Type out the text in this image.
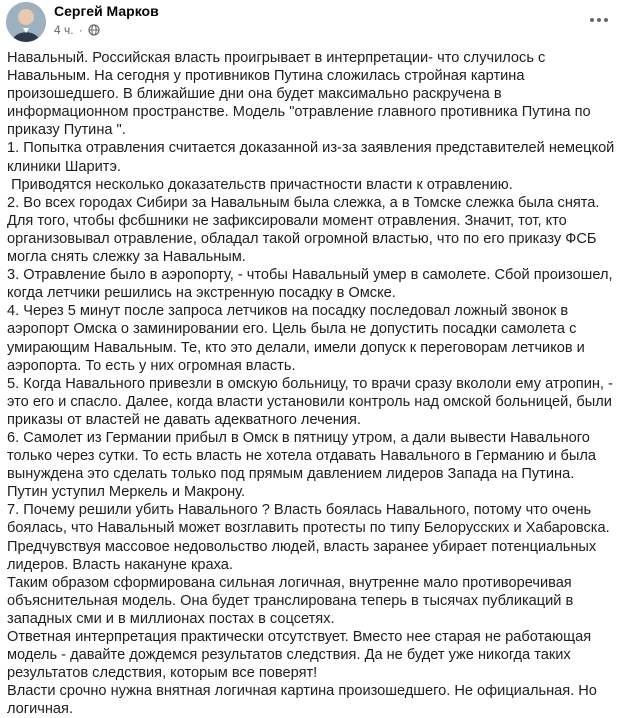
Сергей Марков
4 ч. ·

Навальный. Российская власть проигрывает в интерпретации- что случилось с Навальным. На сегодня у противников Путина сложилась стройная картина произошедшего. В ближайшие дни она будет максимально раскручена в информационном пространстве. Модель "отравление главного противника Путина по приказу Путина ".

1. Попытка отравления считается доказанной из-за заявления представителей немецкой клиники Шаритэ.

Приводятся несколько доказательств причастности власти к отравлению.

2. Во всех городах Сибири за Навальным была слежка, а в Томске слежка была снята. Для того, чтобы фсбшники не зафиксировали момент отравления. Значит, тот, кто организовывал отравление, обладал такой огромной властью, что по его приказу ФСБ могла снять слежку за Навальным.

3. Отравление было в аэропорту, - чтобы Навальный умер в самолете. Сбой произошел, когда летчики решились на экстренную посадку в Омске.

4. Через 5 минут после запроса летчиков на посадку последовал ложный звонок в аэропорт Омска о заминировании его. Цель была не допустить посадки самолета с умирающим Навальным. Те, кто это делали, имели допуск к переговорам летчиков и аэропорта. То есть у них огромная власть.

5. Когда Навального привезли в омскую больницу, то врачи сразу вкололи ему атропин, - это его и спасло. Далее, когда власти установили контроль над омской больницей, были приказы от властей не давать адекватного лечения.

6. Самолет из Германии прибыл в Омск в пятницу утром, а дали вывести Навального только через сутки. То есть власть не хотела отдавать Навального в Германию и была вынуждена это сделать только под прямым давлением лидеров Запада на Путина. Путин уступил Меркель и Макрону.

7. Почему решили убить Навального ? Власть боялась Навального, потому что очень боялась, что Навальный может возглавить протесты по типу Белорусских и Хабаровска. Предчувствуя массовое недовольство людей, власть заранее убирает потенциальных лидеров. Власть накануне краха.

Таким образом сформирована сильная логичная, внутренне мало противоречивая объяснительная модель. Она будет транслирована теперь в тысячах публикаций в западных сми и в миллионах постах в соцсетях.

Ответная интерпретация практически отсутствует. Вместо нее старая не работающая модель - давайте дождемся результатов следствия. Да не будет уже никогда таких результатов следствия, которым все поверят!

Власти срочно нужна внятная логичная картина произошедшего. Не официальная. Но логичная.
